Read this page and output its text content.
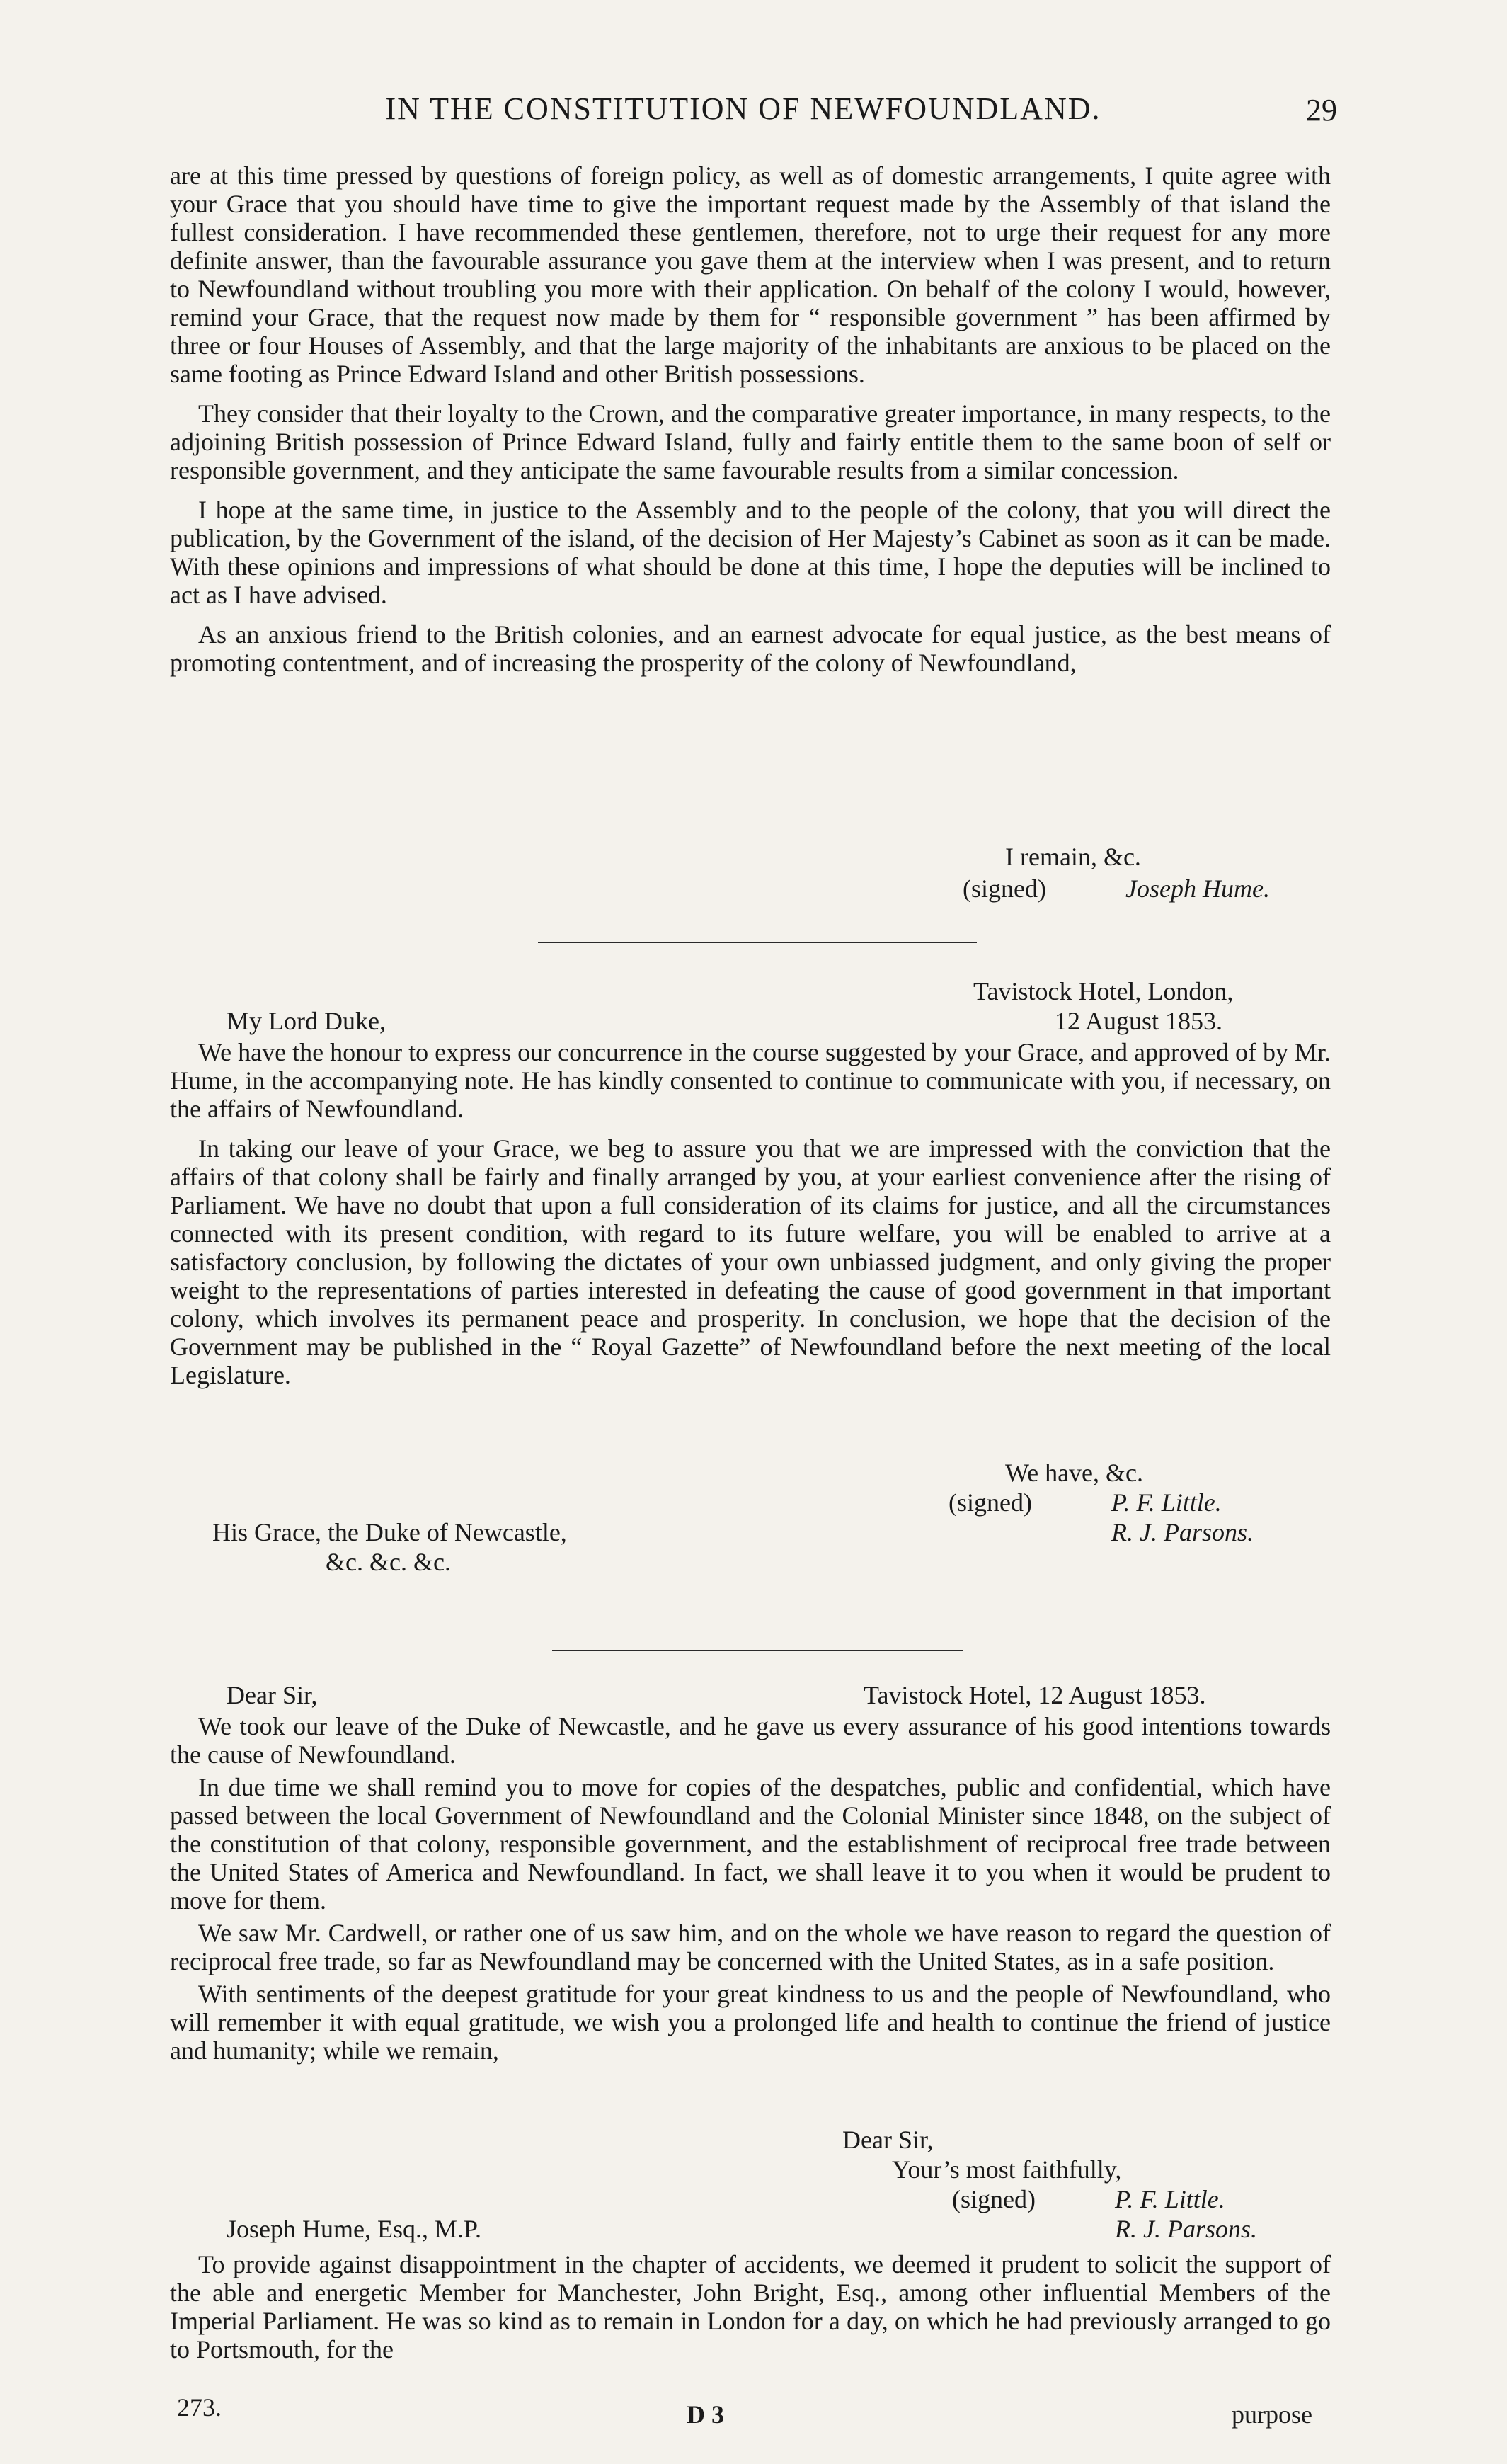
IN THE CONSTITUTION OF NEWFOUNDLAND.	29

are at this time pressed by questions of foreign policy, as well as of domestic arrangements, I quite agree with your Grace that you should have time to give the important request made by the Assembly of that island the fullest consideration. I have recommended these gentlemen, therefore, not to urge their request for any more definite answer, than the favourable assurance you gave them at the interview when I was present, and to return to Newfoundland without troubling you more with their application. On behalf of the colony I would, however, remind your Grace, that the request now made by them for “ responsible government ” has been affirmed by three or four Houses of Assembly, and that the large majority of the inhabitants are anxious to be placed on the same footing as Prince Edward Island and other British possessions.

They consider that their loyalty to the Crown, and the comparative greater importance, in many respects, to the adjoining British possession of Prince Edward Island, fully and fairly entitle them to the same boon of self or responsible government, and they anticipate the same favourable results from a similar concession.

I hope at the same time, in justice to the Assembly and to the people of the colony, that you will direct the publication, by the Government of the island, of the decision of Her Majesty’s Cabinet as soon as it can be made. With these opinions and impressions of what should be done at this time, I hope the deputies will be inclined to act as I have advised.

As an anxious friend to the British colonies, and an earnest advocate for equal justice, as the best means of promoting contentment, and of increasing the prosperity of the colony of Newfoundland,

I remain, &c.
(signed)	Joseph Hume.
Tavistock Hotel, London,
My Lord Duke,	12 August 1853.

We have the honour to express our concurrence in the course suggested by your Grace, and approved of by Mr. Hume, in the accompanying note. He has kindly consented to continue to communicate with you, if necessary, on the affairs of Newfoundland.

In taking our leave of your Grace, we beg to assure you that we are impressed with the conviction that the affairs of that colony shall be fairly and finally arranged by you, at your earliest convenience after the rising of Parliament. We have no doubt that upon a full consideration of its claims for justice, and all the circumstances connected with its present condition, with regard to its future welfare, you will be enabled to arrive at a satisfactory conclusion, by following the dictates of your own unbiassed judgment, and only giving the proper weight to the representations of parties interested in defeating the cause of good government in that important colony, which involves its permanent peace and prosperity. In conclusion, we hope that the decision of the Government may be published in the “ Royal Gazette” of Newfoundland before the next meeting of the local Legislature.

We have, &c.
(signed)	P. F. Little.
His Grace, the Duke of Newcastle,	R. J. Parsons.
&c. &c. &c.
Dear Sir,	Tavistock Hotel, 12 August 1853.

We took our leave of the Duke of Newcastle, and he gave us every assurance of his good intentions towards the cause of Newfoundland.

In due time we shall remind you to move for copies of the despatches, public and confidential, which have passed between the local Government of Newfoundland and the Colonial Minister since 1848, on the subject of the constitution of that colony, responsible government, and the establishment of reciprocal free trade between the United States of America and Newfoundland. In fact, we shall leave it to you when it would be prudent to move for them.

We saw Mr. Cardwell, or rather one of us saw him, and on the whole we have reason to regard the question of reciprocal free trade, so far as Newfoundland may be concerned with the United States, as in a safe position.

With sentiments of the deepest gratitude for your great kindness to us and the people of Newfoundland, who will remember it with equal gratitude, we wish you a prolonged life and health to continue the friend of justice and humanity; while we remain,

Dear Sir,
Your’s most faithfully,
(signed)	P. F. Little.
Joseph Hume, Esq., M.P.	R. J. Parsons.

To provide against disappointment in the chapter of accidents, we deemed it prudent to solicit the support of the able and energetic Member for Manchester, John Bright, Esq., among other influential Members of the Imperial Parliament. He was so kind as to remain in London for a day, on which he had previously arranged to go to Portsmouth, for the

273.	D 3	purpose
